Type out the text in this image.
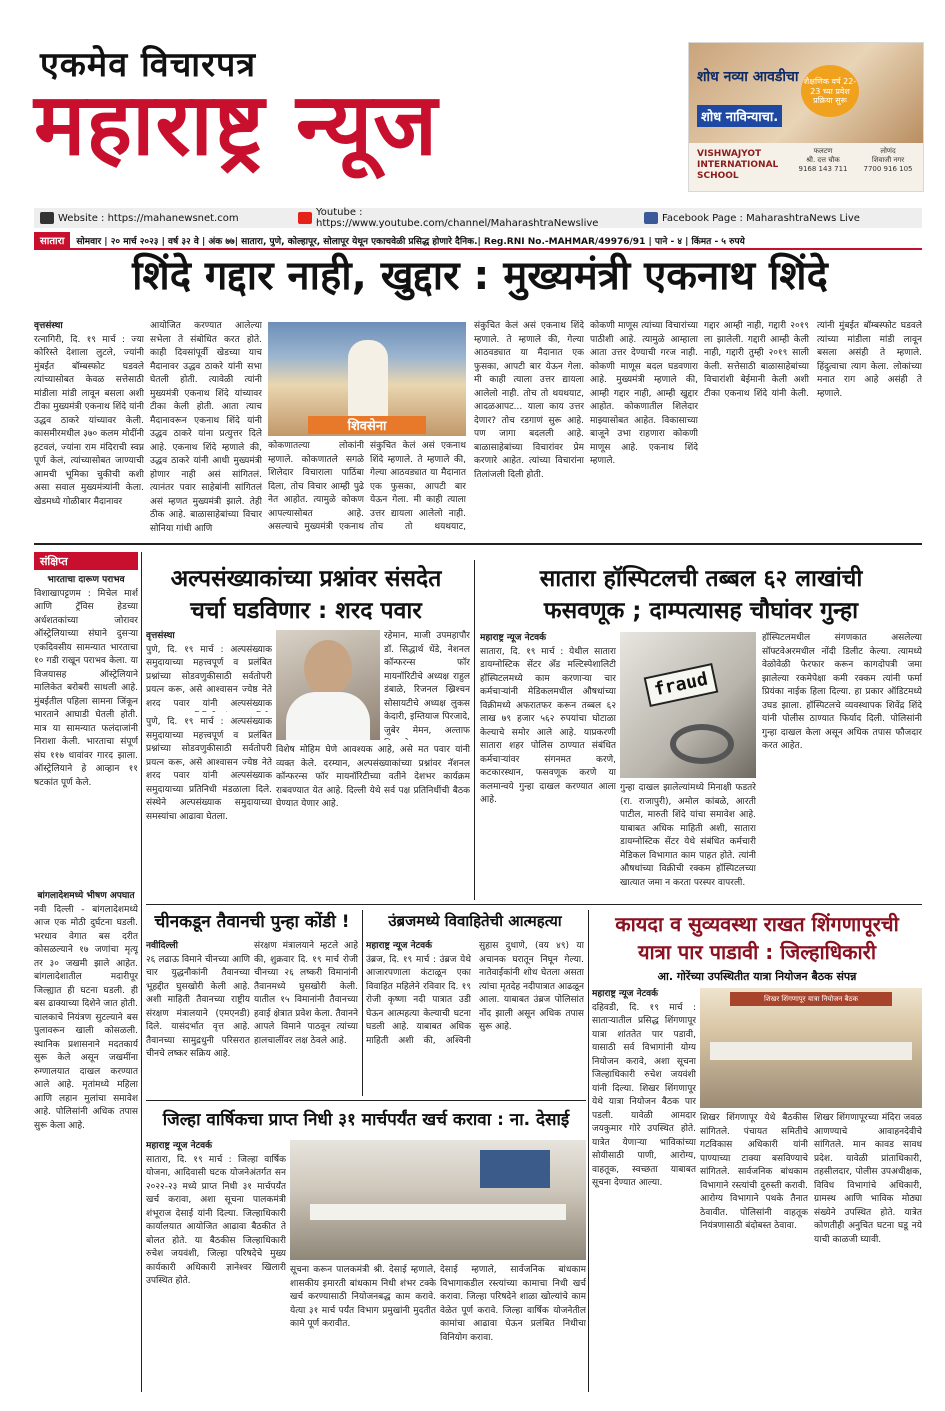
एकमेव विचारपत्र
महाराष्ट्र न्यूज	शोध नव्या आवडीचा
शोध नाविन्याचा.
शैक्षणिक वर्ष 22-23 च्या प्रवेश प्रक्रिया सुरू
VISHWAJYOT INTERNATIONAL SCHOOL
फलटण
श्री. दत्त चौक
9168 143 711
लोणंद
शिवाजी नगर
7700 916 105
Website : https://mahanewsnet.com	Youtube : https://www.youtube.com/channel/MaharashtraNewslive	Facebook Page : MaharashtraNews Live
सातारा	सोमवार | २० मार्च २०२३ | वर्ष ३२ वे | अंक ७७| सातारा, पुणे, कोल्हापूर, सोलापूर येथून एकाचवेळी प्रसिद्ध होणारे दैनिक.| Reg.RNI No.-MAHMAR/49976/91 | पाने - ४ | किंमत - ५ रुपये
शिंदे गद्दार नाही, खुद्दार : मुख्यमंत्री एकनाथ शिंदे
वृत्तसंस्था
रत्नागिरी, दि. १९ मार्च : ज्या कोरिस्ते देशाला लुटले, ज्यांनी मुंबईत बॉम्बस्फोट घडवले त्यांच्यासोबत केवळ सत्तेसाठी मांडीला मांडी लावून बसला अशी टीका मुख्यमंत्री एकनाथ शिंदे यांनी उद्धव ठाकरे यांच्यावर केली. कासमीरमधील ३७० कलम मोदींनी हटवलं, ज्यांना राम मंदिराची स्वप्न पूर्ण केलं, त्यांच्यासोबत जाण्याची आमची भूमिका चुकीची कशी असा सवाल मुख्यमंत्र्यांनी केला. खेडमध्ये गोळीबार मैदानावर
आयोजित करण्यात आलेल्या सभेला ते संबोधित करत होते. काही दिवसांपूर्वी खेडच्या याच मैदानावर उद्धव ठाकरे यांनी सभा घेतली होती. त्यावेळी त्यांनी मुख्यमंत्री एकनाथ शिंदे यांच्यावर टीका केली होती. आता त्याच मैदानावरून एकनाथ शिंदे यांनी उद्धव ठाकरे यांना प्रत्युत्तर दिले आहे. एकनाथ शिंदे म्हणाले की, उद्धव ठाकरे यांनी आधी मुख्यमंत्री होणार नाही असं सांगितलं. त्यानंतर पवार साहेबांनी सांगितलं असं म्हणत मुख्यमंत्री झाले. तेही ठीक आहे. बाळासाहेबांच्या विचार सोनिया गांधी आणि
शिवसेना
कोकणातल्या लोकांनी म्हणाले. कोकणातले सगळे शिलेदार विचाराला पाठिंबा दिला, तोच विचार आम्ही पुढे नेत आहोत. त्यामुळे कोकण आपल्यासोबत आहे. असल्याचे मुख्यमंत्री एकनाथ
संकुचित केलं असं एकनाथ शिंदे म्हणाले. ते म्हणाले की, गेल्या आठवड्यात या मैदानात एक फुसका, आपटी बार येऊन गेला. मी काही त्याला उत्तर द्यायला आलेलो नाही. तोच तो थयथयाट,
संकुचित केलं असं एकनाथ शिंदे म्हणाले. ते म्हणाले की, गेल्या आठवड्यात या मैदानात एक फुसका, आपटी बार येऊन गेला. मी काही त्याला उत्तर द्यायला आलेलो नाही. तोच तो थयथयाट, आदळआपट... याला काय उत्तर देणार? तोच रडगाणं सुरू आहे. पण जागा बदलली आहे. बाळासाहेबांच्या विचारांवर प्रेम करणारे आहेत. त्यांच्या विचारांना तिलांजली दिली होती.
कोकणी माणूस त्यांच्या विचारांच्या पाठीशी आहे. त्यामुळे आम्हाला आता उत्तर देण्याची गरज नाही. कोकणी माणूस बदल घडवणारा आहे. मुख्यमंत्री म्हणाले की, आम्ही गद्दार नाही, आम्ही खुद्दार आहोत. कोकणातील शिलेदार माझ्यासोबत आहेत. विकासाच्या बाजूने उभा राहणारा कोकणी माणूस आहे. एकनाथ शिंदे म्हणाले.
गद्दार आम्ही नाही, गद्दारी २०१९ ला झालेली. गद्दारी आम्ही केली नाही, गद्दारी तुम्ही २०१९ साली केली. सत्तेसाठी बाळासाहेबांच्या विचारांशी बेईमानी केली अशी टीका एकनाथ शिंदे यांनी केली. त्यांनी मुंबईत बॉम्बस्फोट घडवले त्यांच्या मांडीला मांडी लावून बसला असंही ते म्हणाले. हिंदुत्वाचा त्याग केला. लोकांच्या मनात राग आहे असंही ते म्हणाले.
संक्षिप्त
भारताचा दारूण पराभव
विशाखापट्टणम : मिचेल मार्श आणि ट्रॅविस हेडच्या अर्धशतकांच्या जोरावर ऑस्ट्रेलियाच्या संघाने दुसऱ्या एकदिवसीय सामन्यात भारताचा १० गडी राखून पराभव केला. या विजयासह ऑस्ट्रेलियाने मालिकेत बरोबरी साधली आहे. मुंबईतील पहिला सामना जिंकून भारताने आघाडी घेतली होती. मात्र या सामन्यात फलंदाजांनी निराशा केली. भारताचा संपूर्ण संघ ११७ धावांवर गारद झाला. ऑस्ट्रेलियाने हे आव्हान ११ षटकांत पूर्ण केले.
बांगलादेशमध्ये भीषण अपघात
नवी दिल्ली - बांगलादेशमध्ये आज एक मोठी दुर्घटना घडली. भरधाव वेगात बस दरीत कोसळल्याने १७ जणांचा मृत्यू तर ३० जखमी झाले आहेत. बांगलादेशातील मदारीपूर जिल्ह्यात ही घटना घडली. ही बस ढाक्याच्या दिशेने जात होती. चालकाचे नियंत्रण सुटल्याने बस पुलावरून खाली कोसळली. स्थानिक प्रशासनाने मदतकार्य सुरू केले असून जखमींना रुग्णालयात दाखल करण्यात आले आहे. मृतांमध्ये महिला आणि लहान मुलांचा समावेश आहे. पोलिसांनी अधिक तपास सुरू केला आहे.
अल्पसंख्याकांच्या प्रश्नांवर संसदेत
चर्चा घडविणार : शरद पवार
वृत्तसंस्था
पुणे, दि. १९ मार्च : अल्पसंख्याक समुदायाच्या महत्त्वपूर्ण व प्रलंबित प्रश्नांच्या सोडवणुकीसाठी सर्वतोपरी प्रयत्न करू, असे आश्वासन ज्येष्ठ नेते शरद पवार यांनी अल्पसंख्याक
पुणे, दि. १९ मार्च : अल्पसंख्याक समुदायाच्या महत्त्वपूर्ण व प्रलंबित प्रश्नांच्या सोडवणुकीसाठी सर्वतोपरी प्रयत्न करू, असे आश्वासन ज्येष्ठ नेते शरद पवार यांनी अल्पसंख्याक समुदायाच्या प्रतिनिधी मंडळाला दिले. संस्थेने अल्पसंख्याक समुदायाच्या समस्यांचा आढावा घेतला.
रहेमान, माजी उपमहापौर डॉ. सिद्धार्थ धेंडे, नेशनल कॉन्फरन्स फॉर मायनॉरिटीचे अध्यक्ष राहुल डंबाळे, रिजनल ख्रिश्चन सोसायटीचे अध्यक्ष लुकस केदारी, इम्तियाज पिरजादे, जुबेर मेमन, अल्ताफ
विशेष मोहिम घेणे आवश्यक आहे, असे मत पवार यांनी व्यक्त केले. दरम्यान, अल्पसंख्याकांच्या प्रश्नांवर नॅशनल कॉन्फरन्स फॉर मायनॉरिटीच्या वतीने देशभर कार्यक्रम राबवण्यात येत आहे. दिल्ली येथे सर्व पक्ष प्रतिनिधींची बैठक घेण्यात येणार आहे.
सातारा हॉस्पिटलची तब्बल ६२ लाखांची
फसवणूक ; दाम्पत्यासह चौघांवर गुन्हा
महाराष्ट्र न्यूज नेटवर्क
सातारा, दि. १९ मार्च : येथील सातारा डायग्नोस्टिक सेंटर अँड मल्टिस्पेशालिटी हॉस्पिटलमध्ये काम करणाऱ्या चार कर्मचाऱ्यांनी मेडिकलमधील औषधांच्या विक्रीमध्ये अफरातफर करून तब्बल ६२ लाख ७९ हजार ५६२ रुपयांचा घोटाळा केल्याचे समोर आले आहे. याप्रकरणी सातारा शहर पोलिस ठाण्यात संबंधित कर्मचाऱ्यांवर संगनमत करणे, कटकारस्थान, फसवणूक करणे या कलमान्वये गुन्हा दाखल करण्यात आला आहे.
fraud
गुन्हा दाखल झालेल्यांमध्ये मिनाक्षी फडतरे (रा. राजापुरी), अमोल कांबळे, आरती पाटील, मारुती शिंदे यांचा समावेश आहे. याबाबत अधिक माहिती अशी, सातारा डायग्नोस्टिक सेंटर येथे संबंधित कर्मचारी मेडिकल विभागात काम पाहत होते. त्यांनी औषधांच्या विक्रीची रक्कम हॉस्पिटलच्या खात्यात जमा न करता परस्पर वापरली.
हॉस्पिटलमधील संगणकात असलेल्या सॉफ्टवेअरमधील नोंदी डिलीट केल्या. त्यामध्ये वेळोवेळी फेरफार करून कागदोपत्री जमा झालेल्या रकमेपेक्षा कमी रक्कम त्यांनी फर्मा प्रियंका नाईक हिला दिल्या. हा प्रकार ऑडिटमध्ये उघड झाला. हॉस्पिटलचे व्यवस्थापक शिवेंद्र शिंदे यांनी पोलीस ठाण्यात फिर्याद दिली. पोलिसांनी गुन्हा दाखल केला असून अधिक तपास फौजदार करत आहेत.
चीनकडून तैवानची पुन्हा कोंडी !
नवीदिल्ली
२६ लढाऊ विमाने चीनच्या आणि चार युद्धनौकांनी तैवानच्या भूहद्दीत घुसखोरी केली आहे. अशी माहिती तैवानच्या राष्ट्रीय संरक्षण मंत्रालयाने (एमएनडी) दिले. यासंदर्भात वृत्त आहे. तैवानच्या सामुद्रधुनी परिसरात चीनचे लष्कर सक्रिय आहे.
संरक्षण मंत्रालयाने म्हटले आहे की, शुक्रवार दि. १९ मार्च रोजी चीनच्या २६ लष्करी विमानांनी तैवानमध्ये घुसखोरी केली. यातील १५ विमानांनी तैवानच्या हवाई क्षेत्रात प्रवेश केला. तैवानने आपले विमाने पाठवून त्यांच्या हालचालींवर लक्ष ठेवले आहे.
उंब्रजमध्ये विवाहितेची आत्महत्या
महाराष्ट्र न्यूज नेटवर्क
उंब्रज, दि. १९ मार्च : उंब्रज येथे आजारपणाला कंटाळून एका विवाहित महिलेने रविवार दि. १९ रोजी कृष्णा नदी पात्रात उडी घेऊन आत्महत्या केल्याची घटना घडली आहे. याबाबत अधिक माहिती अशी की, अश्विनी सुहास दुधाणे, (वय ४९) या अचानक घरातून निघून गेल्या. नातेवाईकांनी शोध घेतला असता त्यांचा मृतदेह नदीपात्रात आढळून आला. याबाबत उंब्रज पोलिसांत नोंद झाली असून अधिक तपास सुरू आहे.
कायदा व सुव्यवस्था राखत शिंगणापूरची
यात्रा पार पाडावी : जिल्हाधिकारी
आ. गोरेंच्या उपस्थितीत यात्रा नियोजन बैठक संपन्न
महाराष्ट्र न्यूज नेटवर्क
दहिवडी, दि. १९ मार्च : साताऱ्यातील प्रसिद्ध शिंगणापूर यात्रा शांततेत पार पडावी, यासाठी सर्व विभागांनी योग्य नियोजन करावे, अशा सूचना जिल्हाधिकारी रुचेश जयवंशी यांनी दिल्या. शिखर शिंगणापूर येथे यात्रा नियोजन बैठक पार पडली. यावेळी आमदार जयकुमार गोरे उपस्थित होते. यात्रेत येणाऱ्या भाविकांच्या सोयीसाठी पाणी, आरोग्य, वाहतूक, स्वच्छता याबाबत सूचना देण्यात आल्या.
शिखर शिंगणापूर यात्रा नियोजन बैठक
शिखर शिंगणापूर येथे बैठकीस सांगितले. पंचायत समितीचे गटविकास अधिकारी यांनी पाण्याच्या टाक्या बसविण्याचे सांगितले. सार्वजनिक बांधकाम विभागाने रस्त्यांची दुरुस्ती करावी. आरोग्य विभागाने पथके तैनात ठेवावीत. पोलिसांनी वाहतूक नियंत्रणासाठी बंदोबस्त ठेवावा.
शिखर शिंगणापूरच्या मंदिरा जवळ आणण्याचे आवाहनदेवीचे सांगितले. मान कावड सावध प्रदेश. यावेळी प्रांताधिकारी, तहसीलदार, पोलीस उपअधीक्षक, विविध विभागांचे अधिकारी, ग्रामस्थ आणि भाविक मोठ्या संख्येने उपस्थित होते. यात्रेत कोणतीही अनुचित घटना घडू नये याची काळजी घ्यावी.
जिल्हा वार्षिकचा प्राप्त निधी ३१ मार्चपर्यंत खर्च करावा : ना. देसाई
महाराष्ट्र न्यूज नेटवर्क
सातारा, दि. १९ मार्च : जिल्हा वार्षिक योजना, आदिवासी घटक योजनेअंतर्गत सन २०२२-२३ मध्ये प्राप्त निधी ३१ मार्चपर्यंत खर्च करावा, अशा सूचना पालकमंत्री शंभूराज देसाई यांनी दिल्या. जिल्हाधिकारी कार्यालयात आयोजित आढावा बैठकीत ते बोलत होते. या बैठकीस जिल्हाधिकारी रुचेश जयवंशी, जिल्हा परिषदेचे मुख्य कार्यकारी अधिकारी ज्ञानेश्वर खिलारी उपस्थित होते.
सूचना करून पालकमंत्री श्री. देसाई म्हणाले, शासकीय इमारती बांधकाम निधी शंभर टक्के खर्च करण्यासाठी नियोजनबद्ध काम करावे. येत्या ३१ मार्च पर्यंत विभाग प्रमुखांनी मुदतीत कामे पूर्ण करावीत.
देसाई म्हणाले, सार्वजनिक बांधकाम विभागाकडील रस्त्यांच्या कामाचा निधी खर्च करावा. जिल्हा परिषदेने शाळा खोल्यांचे काम वेळेत पूर्ण करावे. जिल्हा वार्षिक योजनेतील कामांचा आढावा घेऊन प्रलंबित निधीचा विनियोग करावा.
